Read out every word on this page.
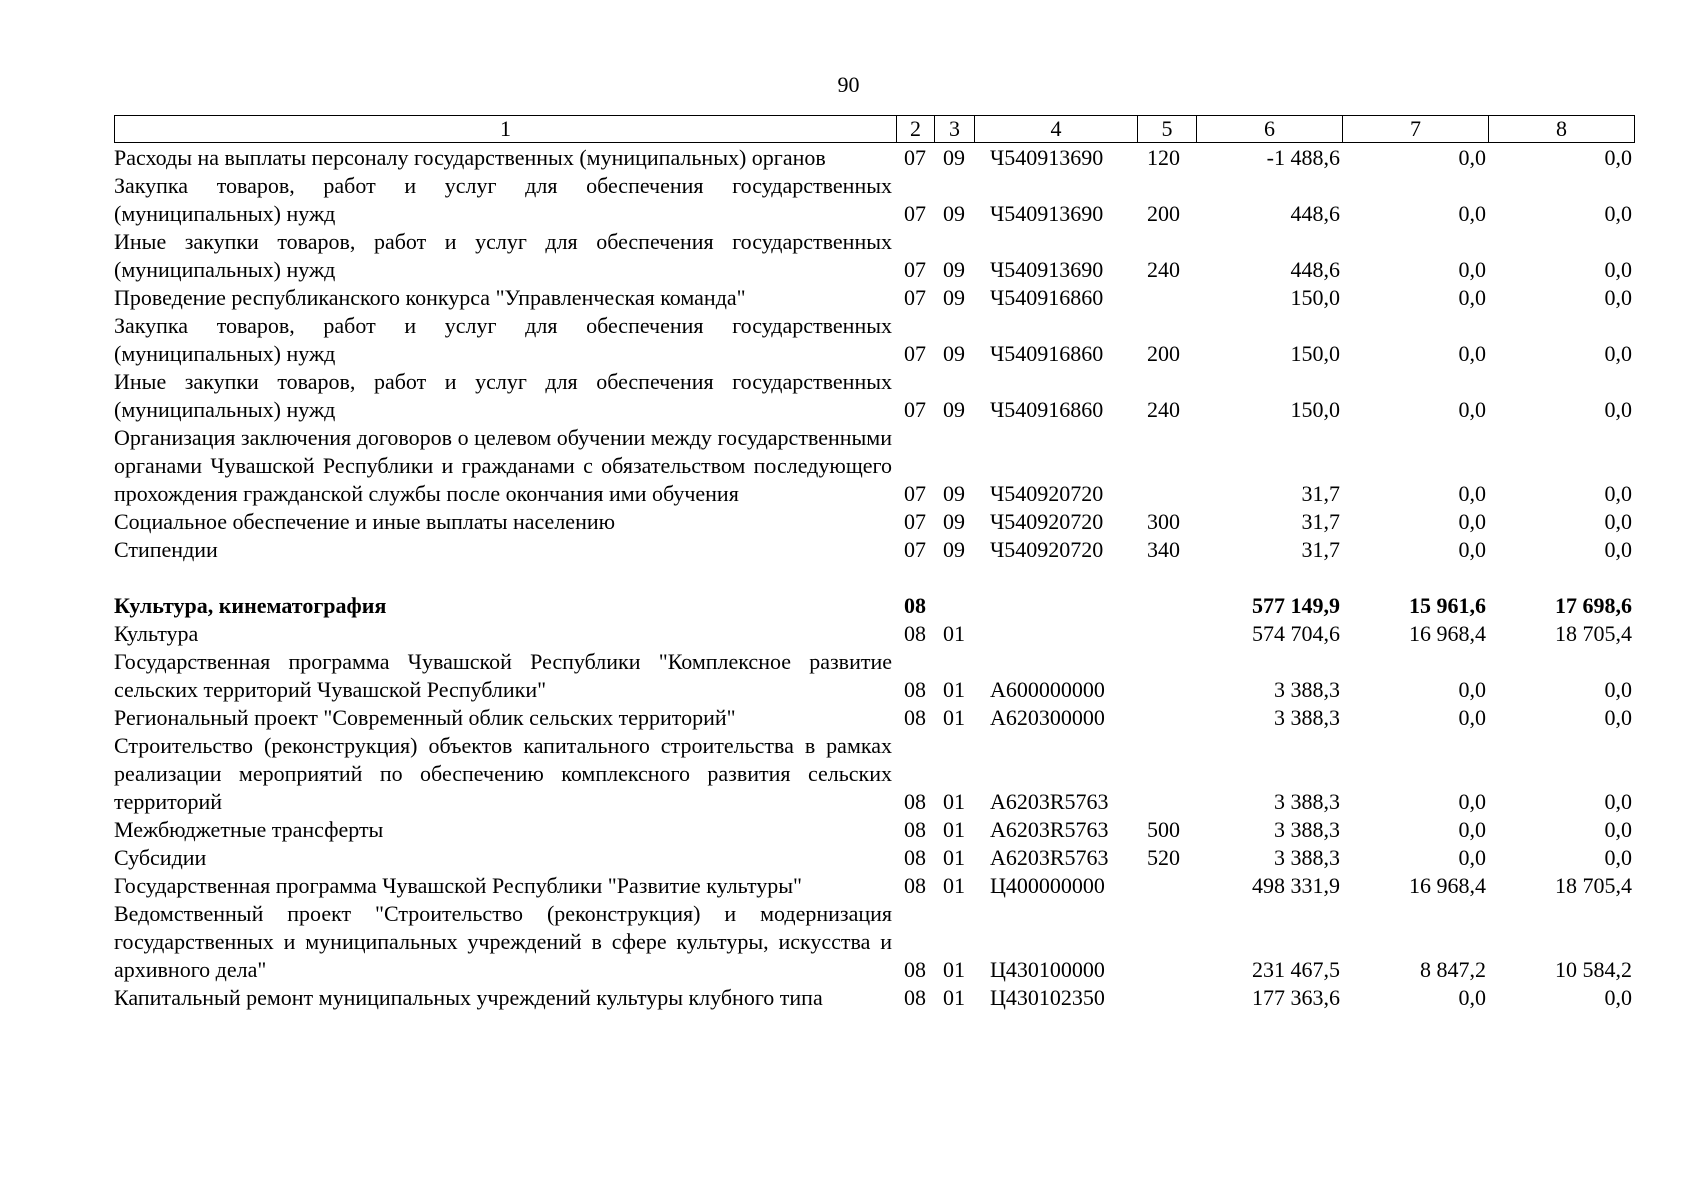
90
1	2	3	4	5	6	7	8
Расходы на выплаты персоналу государственных (муниципальных) органов	07	09	Ч540913690	120	-1 488,6	0,0	0,0
Закупка товаров, работ и услуг для обеспечения государственных (муниципальных) нужд	07	09	Ч540913690	200	448,6	0,0	0,0
Иные закупки товаров, работ и услуг для обеспечения государственных (муниципальных) нужд	07	09	Ч540913690	240	448,6	0,0	0,0
Проведение республиканского конкурса "Управленческая команда"	07	09	Ч540916860		150,0	0,0	0,0
Закупка товаров, работ и услуг для обеспечения государственных (муниципальных) нужд	07	09	Ч540916860	200	150,0	0,0	0,0
Иные закупки товаров, работ и услуг для обеспечения государственных (муниципальных) нужд	07	09	Ч540916860	240	150,0	0,0	0,0
Организация заключения договоров о целевом обучении между государственными органами Чувашской Республики и гражданами с обязательством последующего прохождения гражданской службы после окончания ими обучения	07	09	Ч540920720		31,7	0,0	0,0
Социальное обеспечение и иные выплаты населению	07	09	Ч540920720	300	31,7	0,0	0,0
Стипендии	07	09	Ч540920720	340	31,7	0,0	0,0

Культура, кинематография	08				577 149,9	15 961,6	17 698,6
Культура	08	01			574 704,6	16 968,4	18 705,4
Государственная программа Чувашской Республики "Комплексное развитие сельских территорий Чувашской Республики"	08	01	А600000000		3 388,3	0,0	0,0
Региональный проект "Современный облик сельских территорий"	08	01	А620300000		3 388,3	0,0	0,0
Строительство (реконструкция) объектов капитального строительства в рамках реализации мероприятий по обеспечению комплексного развития сельских территорий	08	01	А6203R5763		3 388,3	0,0	0,0
Межбюджетные трансферты	08	01	А6203R5763	500	3 388,3	0,0	0,0
Субсидии	08	01	А6203R5763	520	3 388,3	0,0	0,0
Государственная программа Чувашской Республики "Развитие культуры"	08	01	Ц400000000		498 331,9	16 968,4	18 705,4
Ведомственный проект "Строительство (реконструкция) и модернизация государственных и муниципальных учреждений в сфере культуры, искусства и архивного дела"	08	01	Ц430100000		231 467,5	8 847,2	10 584,2
Капитальный ремонт муниципальных учреждений культуры клубного типа	08	01	Ц430102350		177 363,6	0,0	0,0
